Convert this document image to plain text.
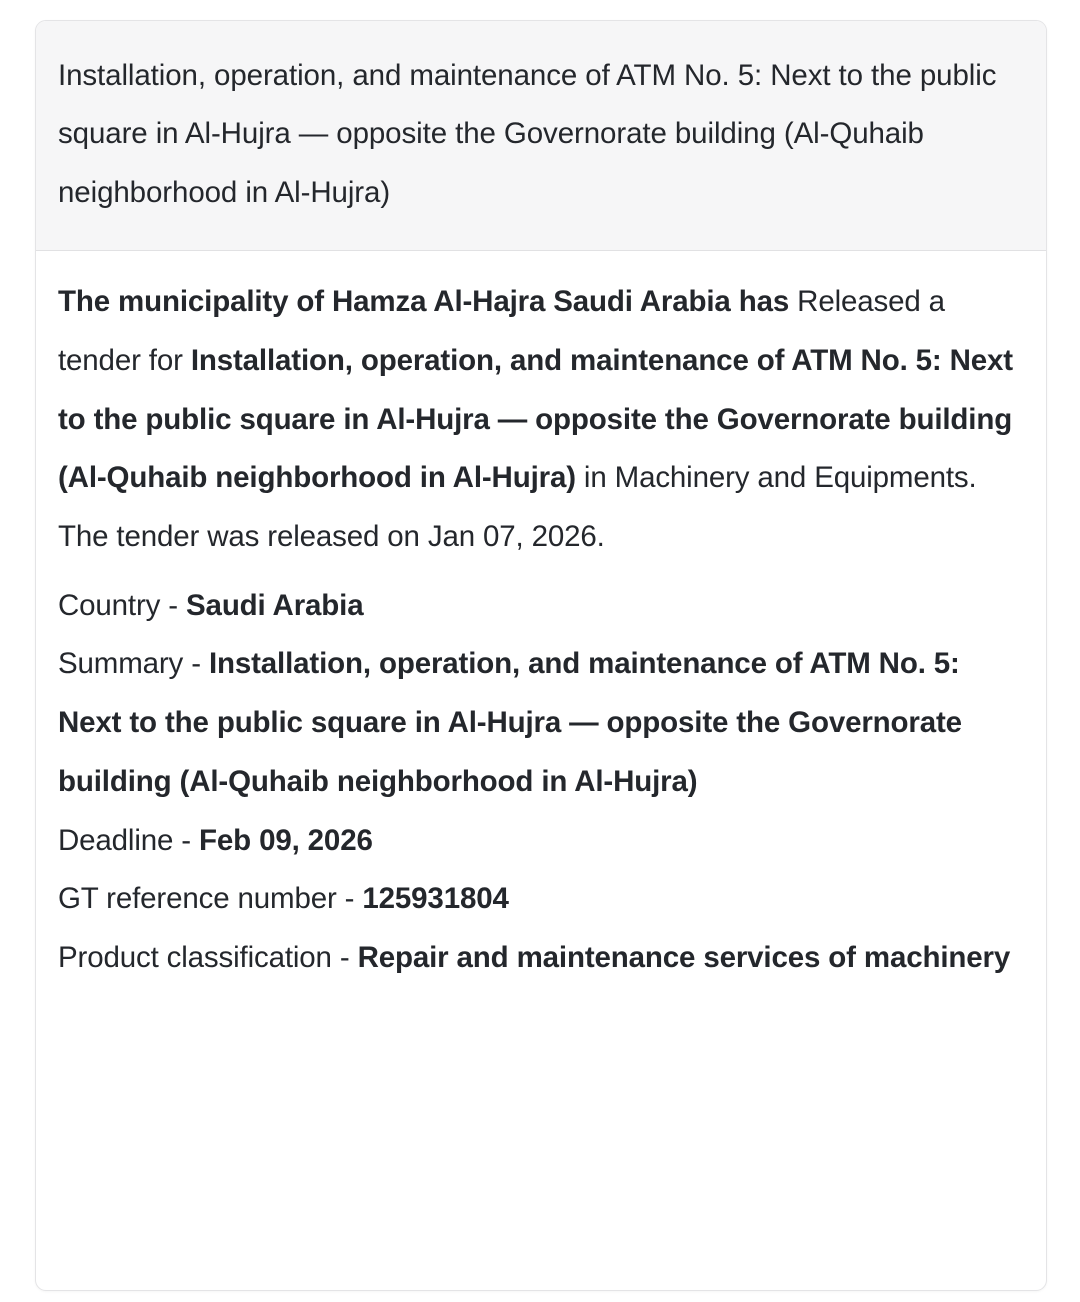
Installation, operation, and maintenance of ATM No. 5: Next to the public square in Al-Hujra — opposite the Governorate building (Al-Quhaib neighborhood in Al-Hujra)

The municipality of Hamza Al-Hajra Saudi Arabia has Released a tender for Installation, operation, and maintenance of ATM No. 5: Next to the public square in Al-Hujra — opposite the Governorate building (Al-Quhaib neighborhood in Al-Hujra) in Machinery and Equipments. The tender was released on Jan 07, 2026.

Country - Saudi Arabia
Summary - Installation, operation, and maintenance of ATM No. 5: Next to the public square in Al-Hujra — opposite the Governorate building (Al-Quhaib neighborhood in Al-Hujra)
Deadline - Feb 09, 2026
GT reference number - 125931804
Product classification - Repair and maintenance services of machinery
